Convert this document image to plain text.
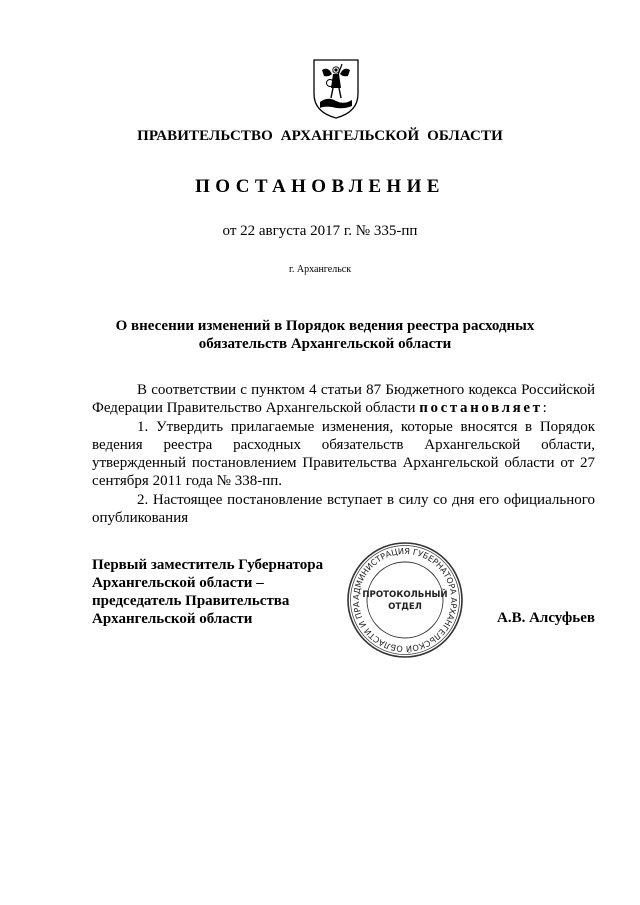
ПРАВИТЕЛЬСТВО АРХАНГЕЛЬСКОЙ ОБЛАСТИ
ПОСТАНОВЛЕНИЕ
от 22 августа 2017 г. № 335-пп
г. Архангельск
О внесении изменений в Порядок ведения реестра расходных
обязательств Архангельской области

В соответствии с пунктом 4 статьи 87 Бюджетного кодекса Российской Федерации Правительство Архангельской области постановляет:

1. Утвердить прилагаемые изменения, которые вносятся в Порядок ведения реестра расходных обязательств Архангельской области, утвержденный постановлением Правительства Архангельской области от 27 сентября 2011 года № 338-пп.

2. Настоящее постановление вступает в силу со дня его официального опубликования

Первый заместитель Губернатора
Архангельской области –
председатель Правительства
Архангельской области
АДМИНИСТРАЦИЯ ГУБЕРНАТОРА АРХАНГЕЛЬСКОЙ ОБЛАСТИ И ПРА
ПРОТОКОЛЬНЫЙ
ОТДЕЛ
А.В. Алсуфьев
